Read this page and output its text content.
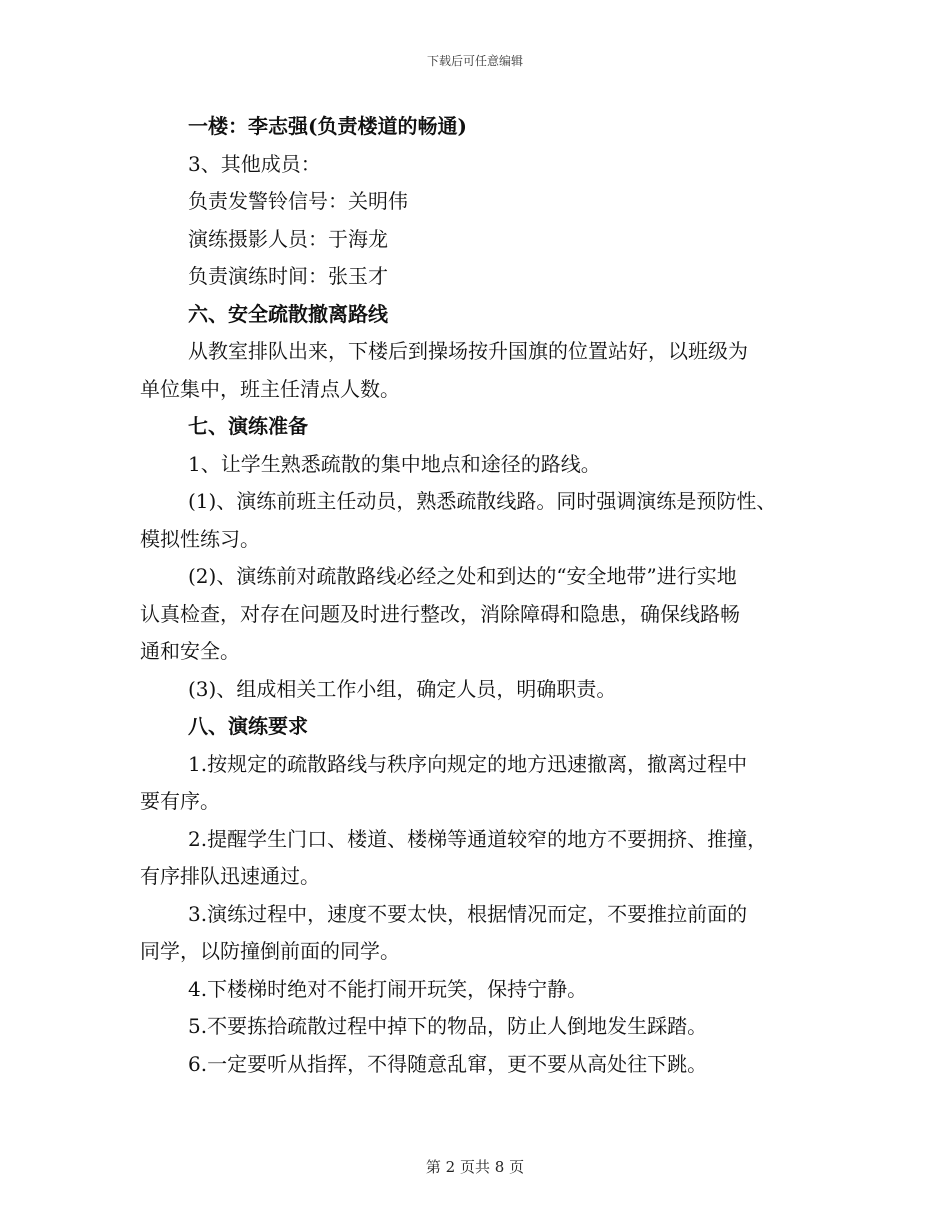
下载后可任意编辑

一楼：李志强(负责楼道的畅通)

3、其他成员：

负责发警铃信号：关明伟

演练摄影人员：于海龙

负责演练时间：张玉才

六、安全疏散撤离路线

从教室排队出来，下楼后到操场按升国旗的位置站好，以班级为

单位集中，班主任清点人数。

七、演练准备

1、让学生熟悉疏散的集中地点和途径的路线。

(1)、演练前班主任动员，熟悉疏散线路。同时强调演练是预防性、

模拟性练习。

(2)、演练前对疏散路线必经之处和到达的“安全地带”进行实地

认真检查，对存在问题及时进行整改，消除障碍和隐患，确保线路畅

通和安全。

(3)、组成相关工作小组，确定人员，明确职责。

八、演练要求

1.按规定的疏散路线与秩序向规定的地方迅速撤离，撤离过程中

要有序。

2.提醒学生门口、楼道、楼梯等通道较窄的地方不要拥挤、推撞，

有序排队迅速通过。

3.演练过程中，速度不要太快，根据情况而定，不要推拉前面的

同学，以防撞倒前面的同学。

4.下楼梯时绝对不能打闹开玩笑，保持宁静。

5.不要拣拾疏散过程中掉下的物品，防止人倒地发生踩踏。

6.一定要听从指挥，不得随意乱窜，更不要从高处往下跳。

第 2 页共 8 页
